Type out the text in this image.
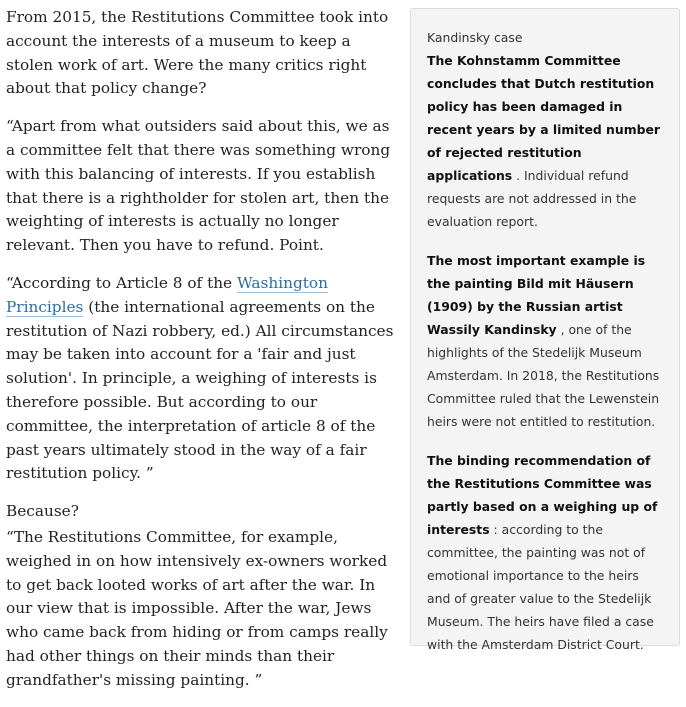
From 2015, the Restitutions Committee took into account the interests of a museum to keep a stolen work of art. Were the many critics right about that policy change?

“Apart from what outsiders said about this, we as a committee felt that there was something wrong with this balancing of interests. If you establish that there is a rightholder for stolen art, then the weighting of interests is actually no longer relevant. Then you have to refund. Point.

“According to Article 8 of the Washington Principles (the international agreements on the restitution of Nazi robbery, ed.) All circumstances may be taken into account for a 'fair and just solution'. In principle, a weighing of interests is therefore possible. But according to our committee, the interpretation of article 8 of the past years ultimately stood in the way of a fair restitution policy. ”

Because?

“The Restitutions Committee, for example, weighed in on how intensively ex-owners worked to get back looted works of art after the war. In our view that is impossible. After the war, Jews who came back from hiding or from camps really had other things on their minds than their grandfather's missing painting. ”

Kandinsky case

The Kohnstamm Committee concludes that Dutch restitution policy has been damaged in recent years by a limited number of rejected restitution applications . Individual refund requests are not addressed in the evaluation report.

The most important example is the painting Bild mit Häusern (1909) by the Russian artist Wassily Kandinsky , one of the highlights of the Stedelijk Museum Amsterdam. In 2018, the Restitutions Committee ruled that the Lewenstein heirs were not entitled to restitution.

The binding recommendation of the Restitutions Committee was partly based on a weighing up of interests : according to the committee, the painting was not of emotional importance to the heirs and of greater value to the Stedelijk Museum. The heirs have filed a case with the Amsterdam District Court.
